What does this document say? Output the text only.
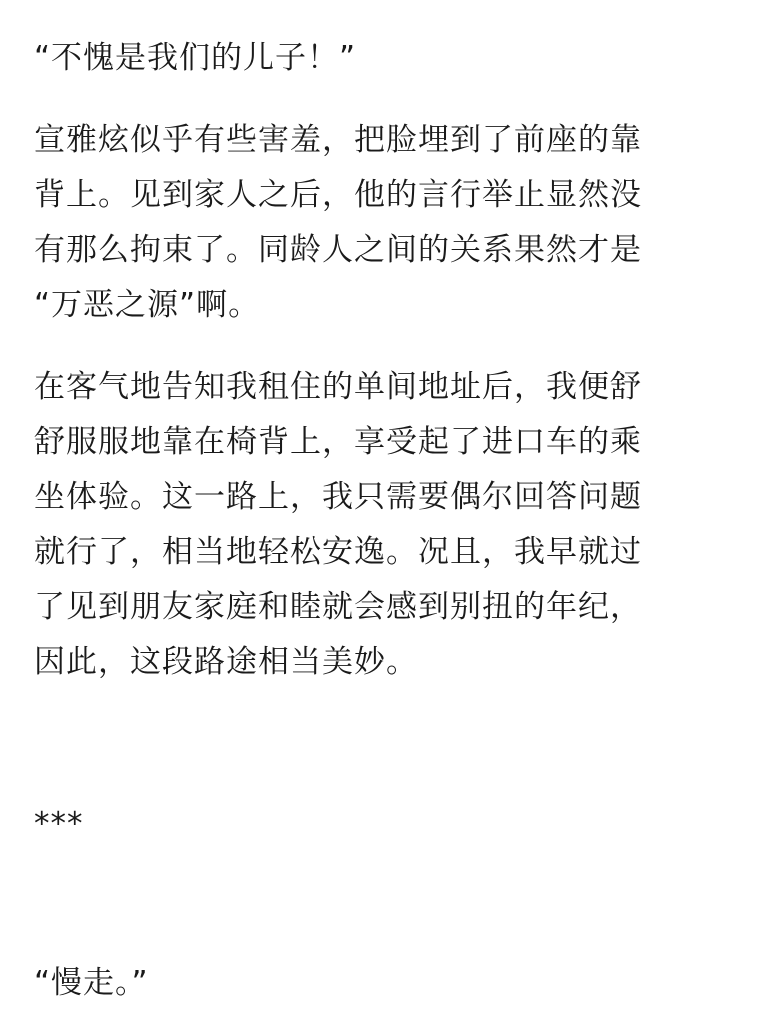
“不愧是我们的儿子！”
宣雅炫似乎有些害羞，把脸埋到了前座的靠
背上。见到家人之后，他的言行举止显然没
有那么拘束了。同龄人之间的关系果然才是
“万恶之源”啊。
在客气地告知我租住的单间地址后，我便舒
舒服服地靠在椅背上，享受起了进口车的乘
坐体验。这一路上，我只需要偶尔回答问题
就行了，相当地轻松安逸。况且，我早就过
了见到朋友家庭和睦就会感到别扭的年纪，
因此，这段路途相当美妙。
***
“慢走。”
